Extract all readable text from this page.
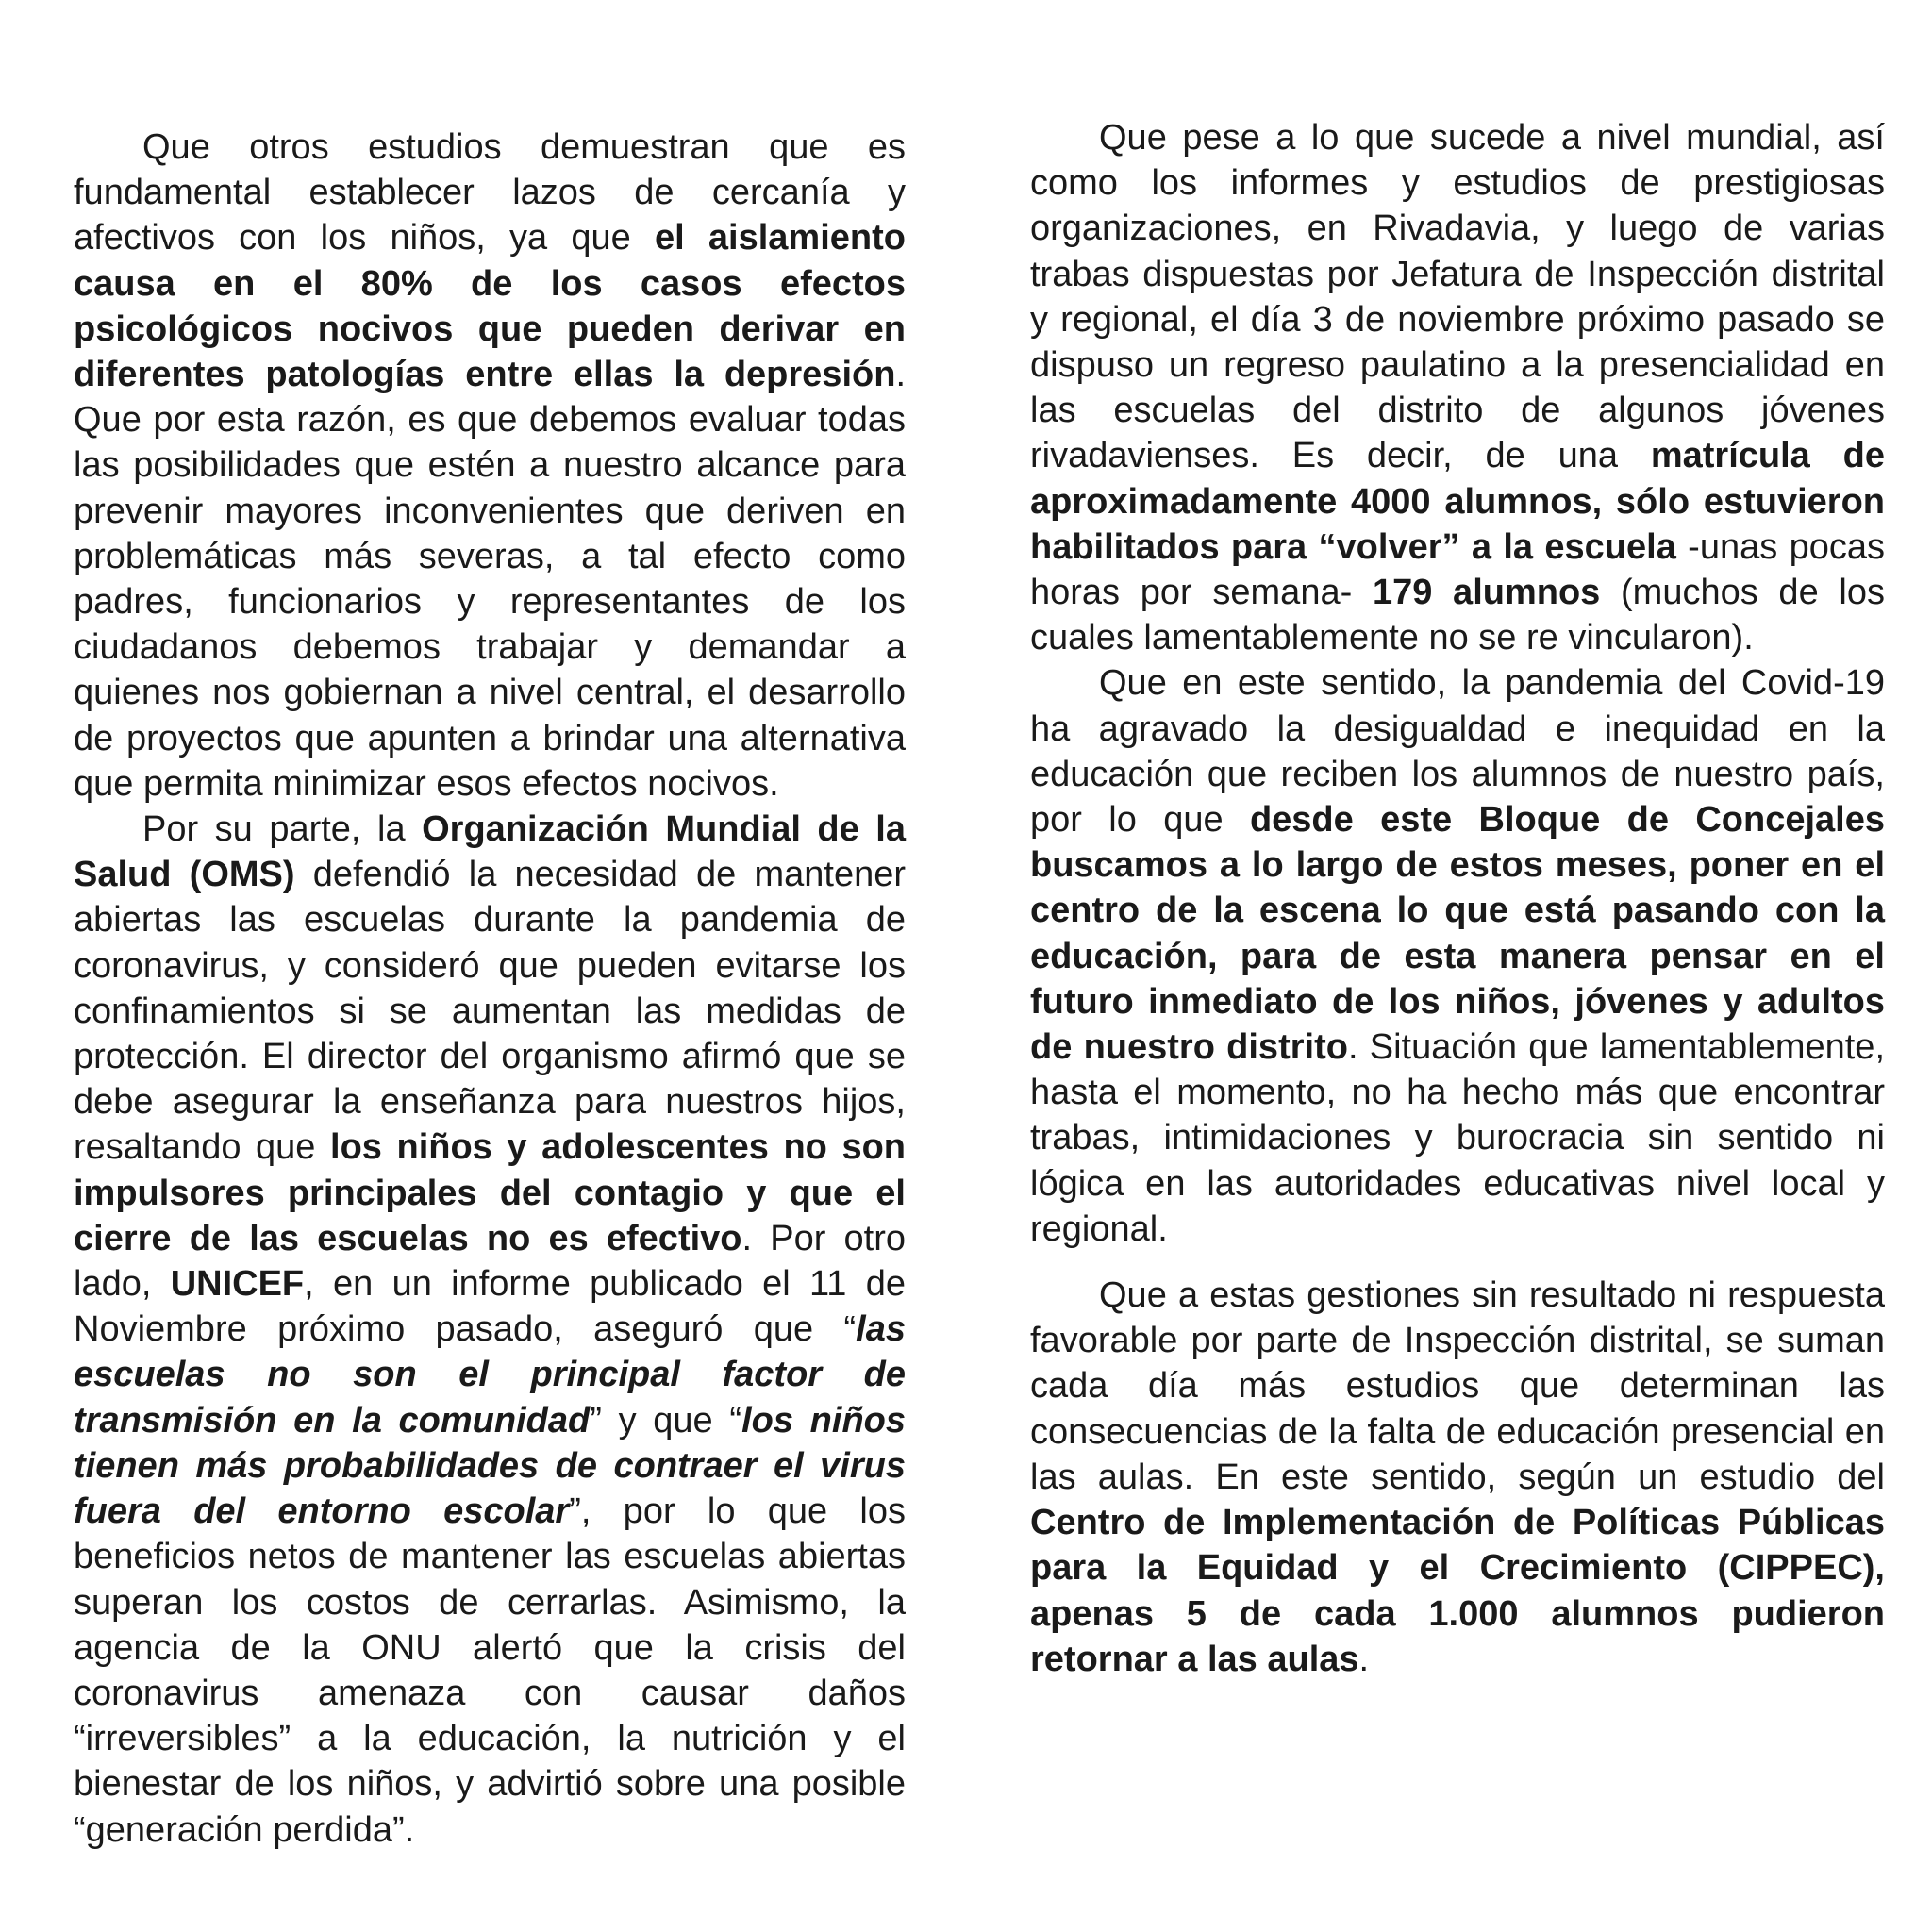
Que otros estudios demuestran que es fundamental establecer lazos de cercanía y afectivos con los niños, ya que el aislamiento causa en el 80% de los casos efectos psicológicos nocivos que pueden derivar en diferentes patologías entre ellas la depresión. Que por esta razón, es que debemos evaluar todas las posibilidades que estén a nuestro alcance para prevenir mayores inconvenientes que deriven en problemáticas más severas, a tal efecto como padres, funcionarios y representantes de los ciudadanos debemos trabajar y demandar a quienes nos gobiernan a nivel central, el desarrollo de proyectos que apunten a brindar una alternativa que permita minimizar esos efectos nocivos.

Por su parte, la Organización Mundial de la Salud (OMS) defendió la necesidad de mantener abiertas las escuelas durante la pandemia de coronavirus, y consideró que pueden evitarse los confinamientos si se aumentan las medidas de protección. El director del organismo afirmó que se debe asegurar la enseñanza para nuestros hijos, resaltando que los niños y adolescentes no son impulsores principales del contagio y que el cierre de las escuelas no es efectivo. Por otro lado, UNICEF, en un informe publicado el 11 de Noviembre próximo pasado, aseguró que “las escuelas no son el principal factor de transmisión en la comunidad” y que “los niños tienen más probabilidades de contraer el virus fuera del entorno escolar”, por lo que los beneficios netos de mantener las escuelas abiertas superan los costos de cerrarlas. Asimismo, la agencia de la ONU alertó que la crisis del coronavirus amenaza con causar daños “irreversibles” a la educación, la nutrición y el bienestar de los niños, y advirtió sobre una posible “generación perdida”.

Que pese a lo que sucede a nivel mundial, así como los informes y estudios de prestigiosas organizaciones, en Rivadavia, y luego de varias trabas dispuestas por Jefatura de Inspección distrital y regional, el día 3 de noviembre próximo pasado se dispuso un regreso paulatino a la presencialidad en las escuelas del distrito de algunos jóvenes rivadavienses. Es decir, de una matrícula de aproximadamente 4000 alumnos, sólo estuvieron habilitados para “volver” a la escuela -unas pocas horas por semana- 179 alumnos (muchos de los cuales lamentablemente no se re vincularon).

Que en este sentido, la pandemia del Covid-19 ha agravado la desigualdad e inequidad en la educación que reciben los alumnos de nuestro país, por lo que desde este Bloque de Concejales buscamos a lo largo de estos meses, poner en el centro de la escena lo que está pasando con la educación, para de esta manera pensar en el futuro inmediato de los niños, jóvenes y adultos de nuestro distrito. Situación que lamentablemente, hasta el momento, no ha hecho más que encontrar trabas, intimidaciones y burocracia sin sentido ni lógica en las autoridades educativas nivel local y regional.

Que a estas gestiones sin resultado ni respuesta favorable por parte de Inspección distrital, se suman cada día más estudios que determinan las consecuencias de la falta de educación presencial en las aulas. En este sentido, según un estudio del Centro de Implementación de Políticas Públicas para la Equidad y el Crecimiento (CIPPEC), apenas 5 de cada 1.000 alumnos pudieron retornar a las aulas.
